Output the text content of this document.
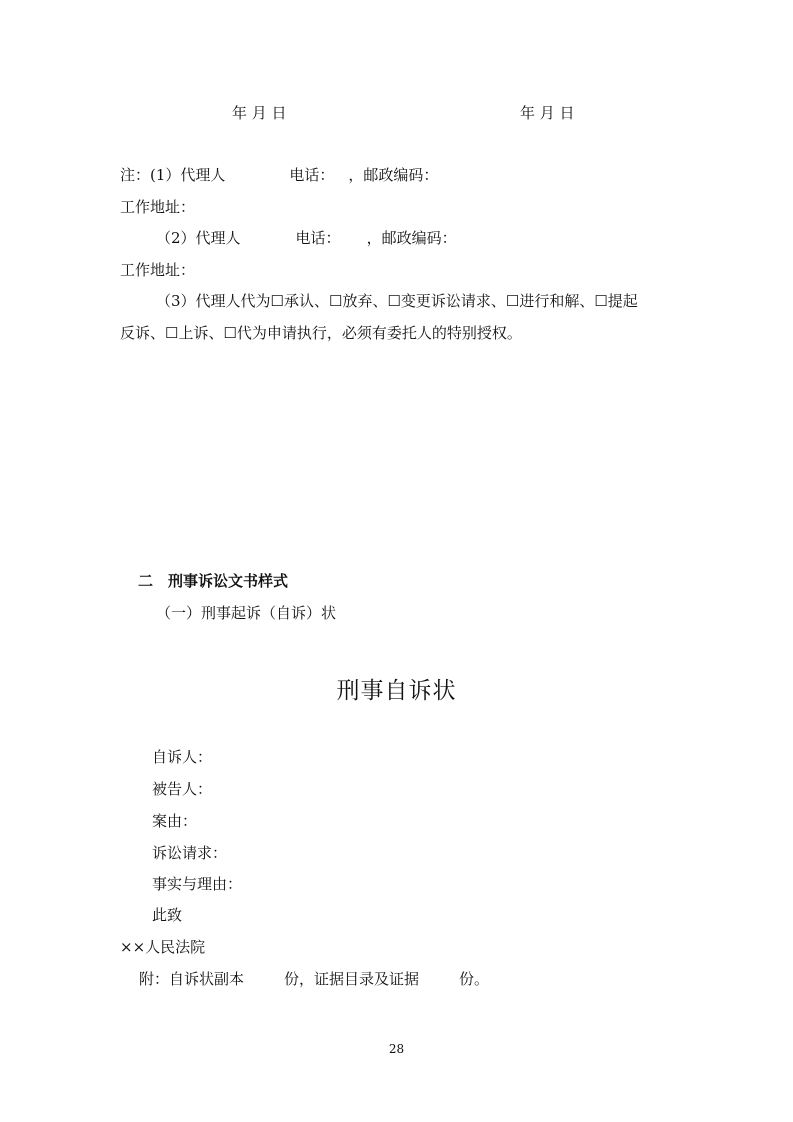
年 月 日	年 月 日
注：(1）代理人	电话： ，邮政编码：
工作地址：
（2）代理人	电话： ，邮政编码：
工作地址：
（3）代理人代为☐承认、☐放弃、☐变更诉讼请求、☐进行和解、☐提起
反诉、☐上诉、☐代为申请执行，必须有委托人的特别授权。
二　刑事诉讼文书样式
（一）刑事起诉（自诉）状
刑事自诉状
自诉人：
被告人：
案由：
诉讼请求：
事实与理由：
此致
××人民法院
附：自诉状副本	份，证据目录及证据	份。
28
